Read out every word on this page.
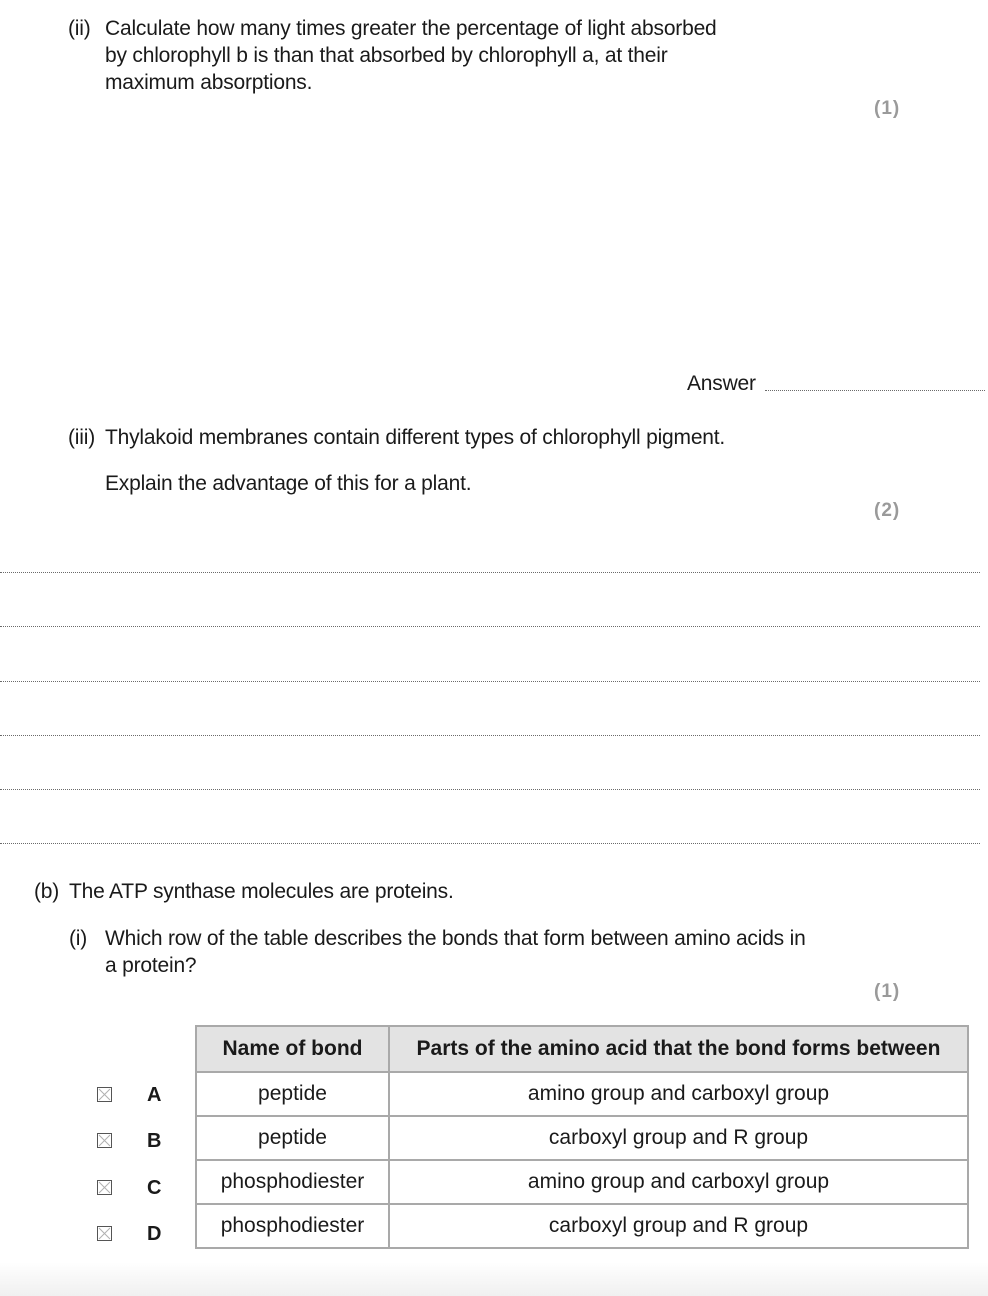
(ii) Calculate how many times greater the percentage of light absorbed
by chlorophyll b is than that absorbed by chlorophyll a, at their
maximum absorptions.
(1)
Answer
(iii) Thylakoid membranes contain different types of chlorophyll pigment.
Explain the advantage of this for a plant.
(2)
(b) The ATP synthase molecules are proteins.
(i) Which row of the table describes the bonds that form between amino acids in
a protein?
(1)
A
B
C
D
Name of bond	Parts of the amino acid that the bond forms between
peptide	amino group and carboxyl group
peptide	carboxyl group and R group
phosphodiester	amino group and carboxyl group
phosphodiester	carboxyl group and R group
